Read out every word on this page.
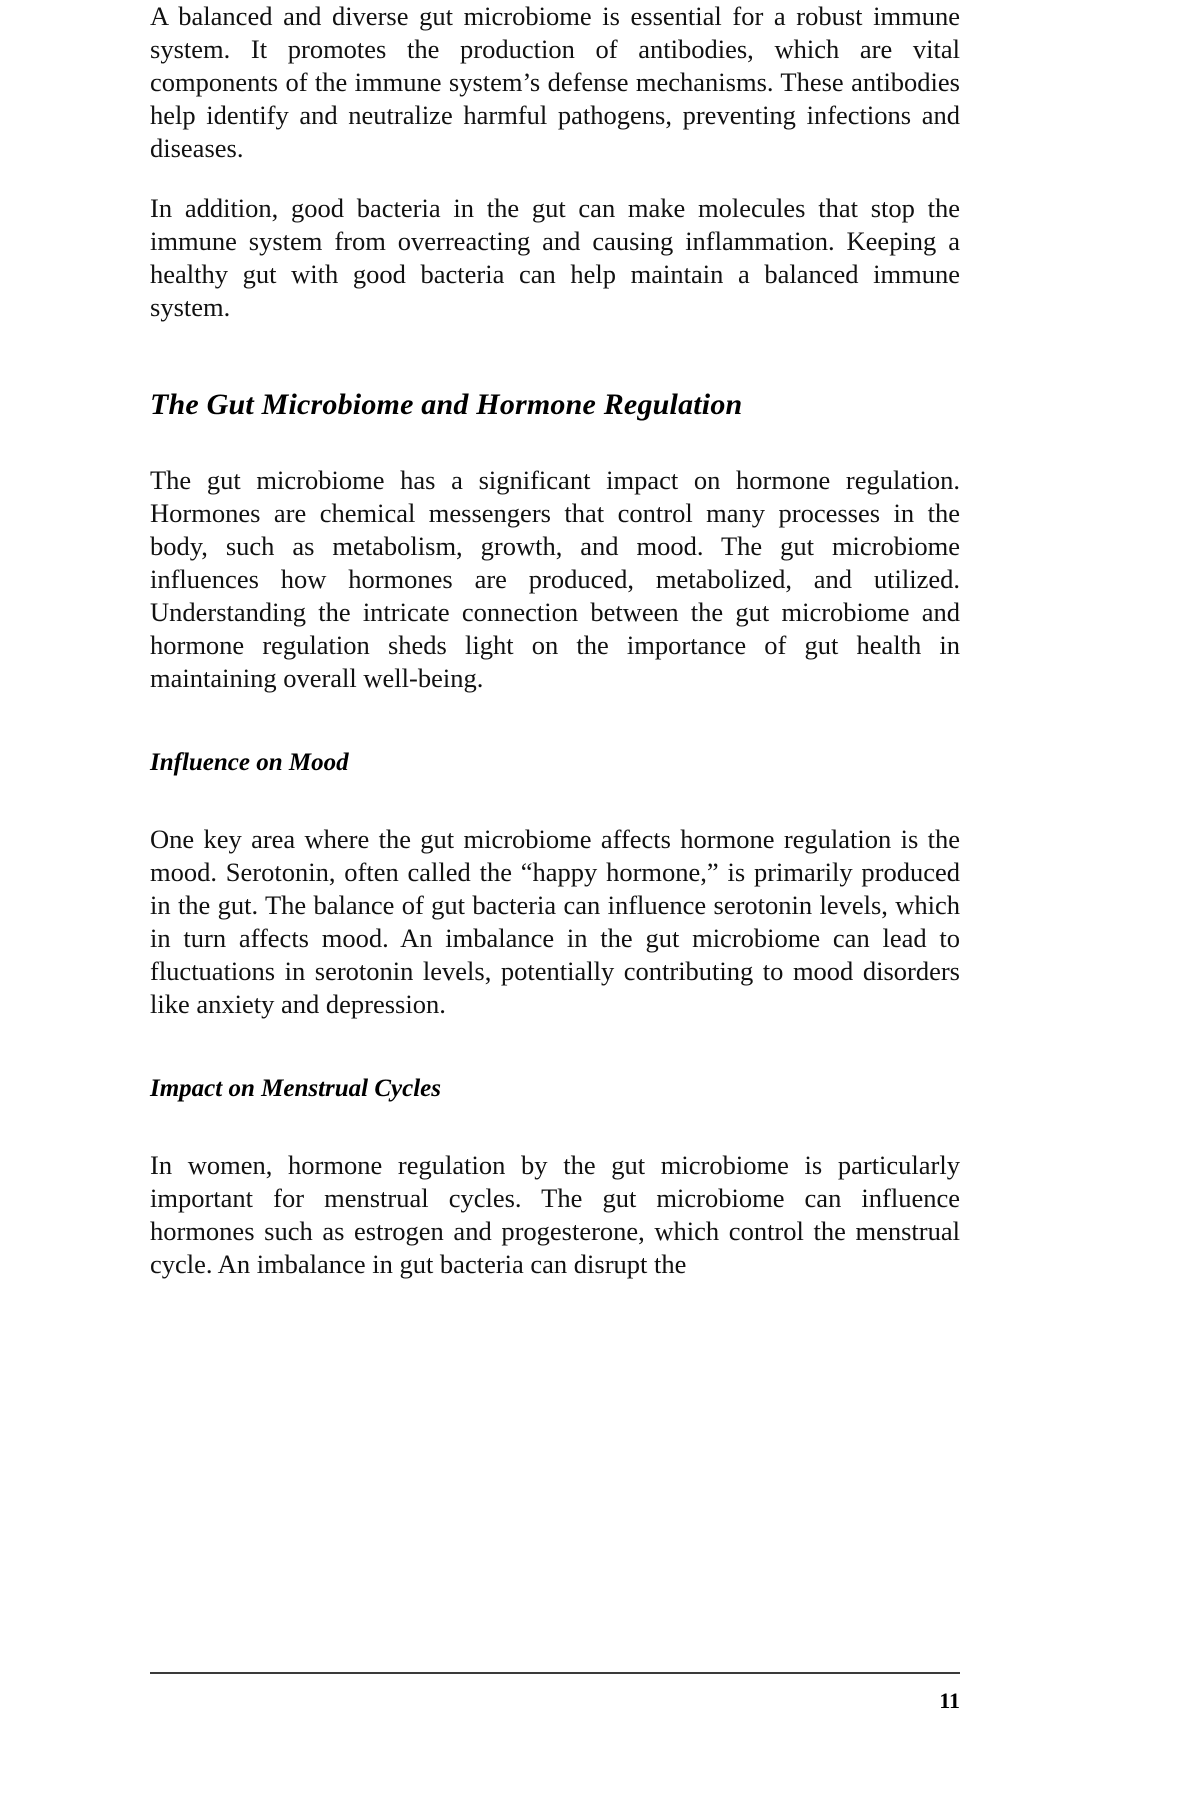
A balanced and diverse gut microbiome is essential for a robust immune system. It promotes the production of antibodies, which are vital components of the immune system’s defense mechanisms. These antibodies help identify and neutralize harmful pathogens, preventing infections and diseases.

In addition, good bacteria in the gut can make molecules that stop the immune system from overreacting and causing inflammation. Keeping a healthy gut with good bacteria can help maintain a balanced immune system.

The Gut Microbiome and Hormone Regulation

The gut microbiome has a significant impact on hormone regulation. Hormones are chemical messengers that control many processes in the body, such as metabolism, growth, and mood. The gut microbiome influences how hormones are produced, metabolized, and utilized. Understanding the intricate connection between the gut microbiome and hormone regulation sheds light on the importance of gut health in maintaining overall well-being.

Influence on Mood

One key area where the gut microbiome affects hormone regulation is the mood. Serotonin, often called the “happy hormone,” is primarily produced in the gut. The balance of gut bacteria can influence serotonin levels, which in turn affects mood. An imbalance in the gut microbiome can lead to fluctuations in serotonin levels, potentially contributing to mood disorders like anxiety and depression.

Impact on Menstrual Cycles

In women, hormone regulation by the gut microbiome is particularly important for menstrual cycles. The gut microbiome can influence hormones such as estrogen and progesterone, which control the menstrual cycle. An imbalance in gut bacteria can disrupt the

11
